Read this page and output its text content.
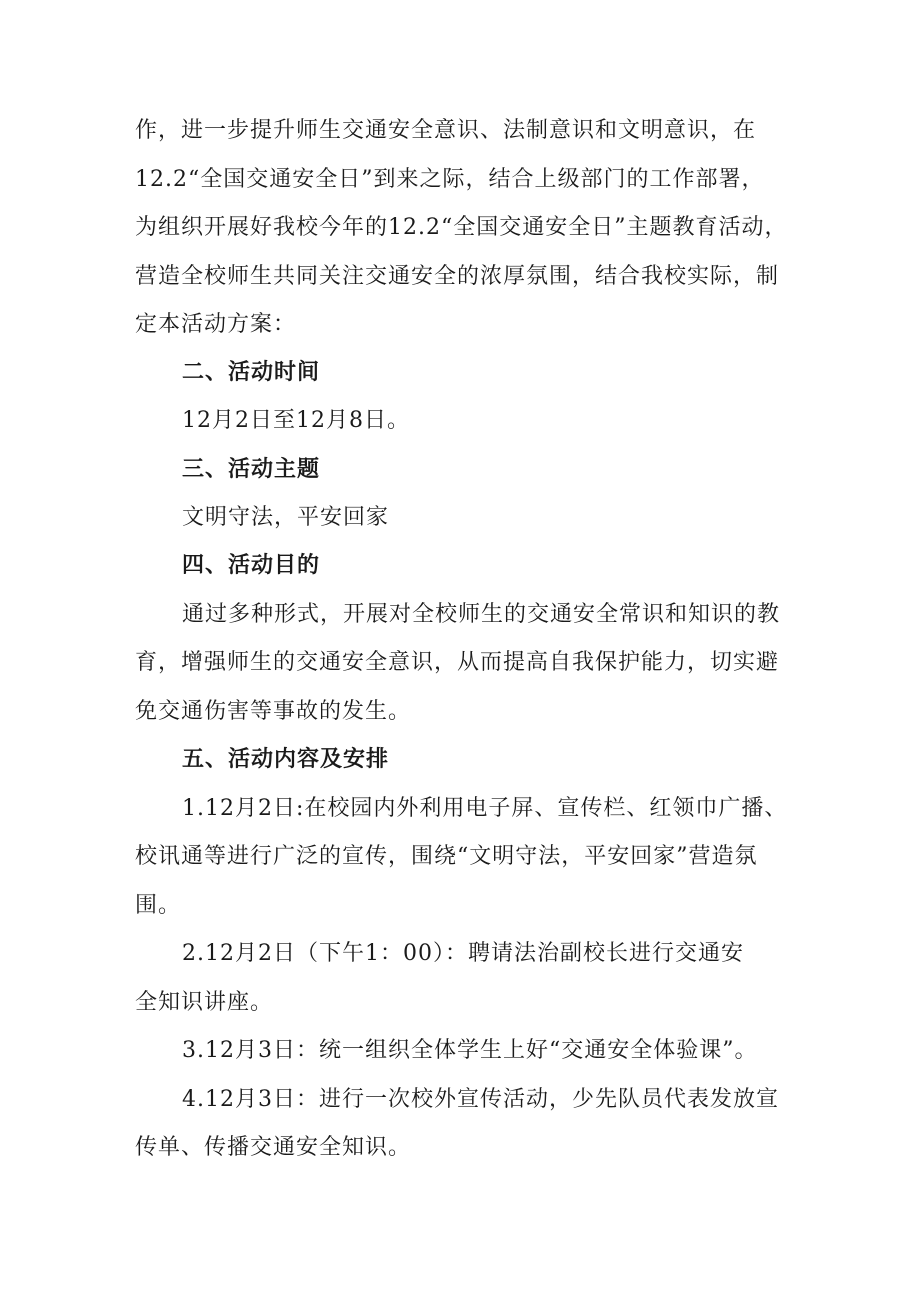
作，进一步提升师生交通安全意识、法制意识和文明意识，在
12.2“全国交通安全日”到来之际，结合上级部门的工作部署，
为组织开展好我校今年的12.2“全国交通安全日”主题教育活动，
营造全校师生共同关注交通安全的浓厚氛围，结合我校实际，制
定本活动方案：
二、活动时间
12月2日至12月8日。
三、活动主题
文明守法，平安回家
四、活动目的
通过多种形式，开展对全校师生的交通安全常识和知识的教
育，增强师生的交通安全意识，从而提高自我保护能力，切实避
免交通伤害等事故的发生。
五、活动内容及安排
1.12月2日:在校园内外利用电子屏、宣传栏、红领巾广播、
校讯通等进行广泛的宣传，围绕“文明守法，平安回家”营造氛
围。
2.12月2日（下午1：00）：聘请法治副校长进行交通安
全知识讲座。
3.12月3日：统一组织全体学生上好“交通安全体验课”。
4.12月3日：进行一次校外宣传活动，少先队员代表发放宣
传单、传播交通安全知识。
